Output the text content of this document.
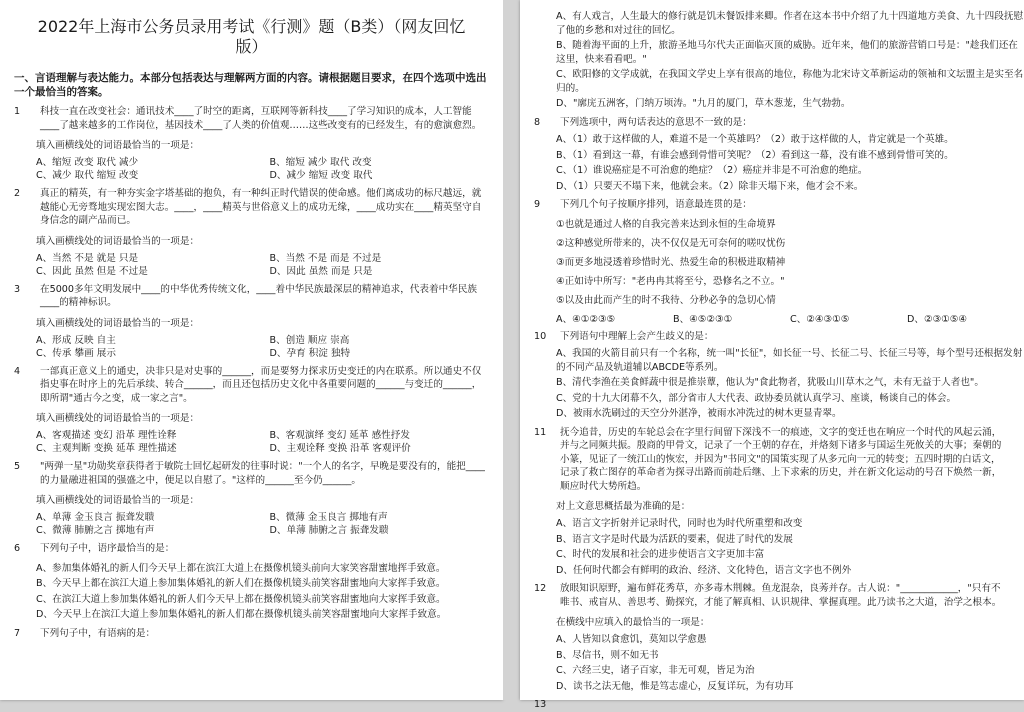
2022年上海市公务员录用考试《行测》题（B类）（网友回忆版）
一、言语理解与表达能力。本部分包括表达与理解两方面的内容。请根据题目要求，在四个选项中选出一个最恰当的答案。
1	科技一直在改变社会：通讯技术____了时空的距离，互联网等新科技____了学习知识的成本，人工智能____了越来越多的工作岗位，基因技术____了人类的价值观……这些改变有的已经发生，有的愈演愈烈。
填入画横线处的词语最恰当的一项是：
A、缩短 改变 取代 减少	B、缩短 减少 取代 改变
C、减少 取代 缩短 改变	D、减少 缩短 改变 取代
2	真正的精英，有一种夯实金字塔基础的抱负，有一种纠正时代错误的使命感。他们离成功的标尺越远，就越能心无旁骛地实现宏图大志。____，____精英与世俗意义上的成功无缘，____成功实在____精英坚守自身信念的副产品而已。
填入画横线处的词语最恰当的一项是：
A、当然 不是 就是 只是	B、当然 不是 而是 不过是
C、因此 虽然 但是 不过是	D、因此 虽然 而是 只是
3	在5000多年文明发展中____的中华优秀传统文化，____着中华民族最深层的精神追求，代表着中华民族____的精神标识。
填入画横线处的词语最恰当的一项是：
A、形成 反映 自主	B、创造 顺应 崇高
C、传承 攀画 展示	D、孕育 积淀 独特
4	一部真正意义上的通史，决非只是对史事的______，而是要努力探求历史变迁的内在联系。所以通史不仅指史事在时序上的先后承续、转合______，而且还包括历史文化中各重要问题的______与变迁的______，即所谓"通古今之变，成一家之言"。
填入画横线处的词语最恰当的一项是：
A、客观描述 变幻 沿革 理性诠释	B、客观演绎 变幻 延革 感性抒发
C、主观判断 变换 延革 理性描述	D、主观诠释 变换 沿革 客观评价
5	"两弹一星"功勋奖章获得者于敏院士回忆起研发的往事时说："一个人的名字，早晚是要没有的，能把____的力量融进祖国的强盛之中，便足以自慰了。"这样的______至今仍______。
填入画横线处的词语最恰当的一项是：
A、单薄 金玉良言 振聋发聩	B、微薄 金玉良言 掷地有声
C、微薄 肺腑之言 掷地有声	D、单薄 肺腑之言 振聋发聩
6	下列句子中，语序最恰当的是：
A、参加集体婚礼的新人们今天早上都在滨江大道上在摄像机镜头前向大家笑容甜蜜地挥手致意。
B、今天早上都在滨江大道上参加集体婚礼的新人们在摄像机镜头前笑容甜蜜地向大家挥手致意。
C、在滨江大道上参加集体婚礼的新人们今天早上都在摄像机镜头前笑容甜蜜地向大家挥手致意。
D、今天早上在滨江大道上参加集体婚礼的新人们都在摄像机镜头前笑容甜蜜地向大家挥手致意。
7	下列句子中，有语病的是：
A、有人戏言，人生最大的修行就是饥未餐饭排来卿。作者在这本书中介绍了九十四道地方美食、九十四段抚慰了他的乡愁和对过往的回忆。
B、随着海平面的上升，旅游圣地马尔代夫正面临灭顶的威胁。近年来，他们的旅游营销口号是："趁我们还在这里，快来看看吧。"
C、欧阳修的文学成就，在我国文学史上享有很高的地位，称他为北宋诗文革新运动的领袖和文坛盟主是实至名归的。
D、"廓庑五洲客，门纳万顷涛。"九月的厦门，草木葱茏，生气勃勃。
8	下列选项中，两句话表达的意思不一致的是：
A、（1）敢于这样做的人，难道不是一个英雄吗？（2）敢于这样做的人，肯定就是一个英雄。
B、（1）看到这一幕，有谁会感到骨惜可笑呢？（2）看到这一幕，没有谁不感到骨惜可笑的。
C、（1）谁说癌症是不可治愈的绝症？（2）癌症并非是不可治愈的绝症。
D、（1）只要天不塌下来，他就会来。（2）除非天塌下来，他才会不来。
9	下列几个句子按顺序排列，语意最连贯的是：
①也就是通过人格的自我完善来达到永恒的生命境界
②这种感觉所带来的，决不仅仅是无可奈何的嗟叹忧伤
③而更多地浸透着珍惜时光、热爱生命的积极进取精神
④正如诗中所写："老冉冉其将至兮，恐修名之不立。"
⑤以及由此而产生的时不我待、分秒必争的急切心情
A、④①②③⑤	B、④⑤②③①	C、②④③①⑤	D、②③①⑤④
10	下列语句中理解上会产生歧义的是：
A、我国的火箭目前只有一个名称，统一叫"长征"，如长征一号、长征二号、长征三号等，每个型号还根据发射的不同产品及轨道辅以ABCDE等系列。
B、清代李渔在美食鲜蔬中很是推崇蕈，他认为"食此物者，犹吸山川草木之气，未有无益于人者也"。
C、党的十九大闭幕不久，部分省市人大代表、政协委员就认真学习、座谈，畅谈自己的体会。
D、被雨水洗刷过的天空分外湛净，被雨水冲洗过的树木更显青翠。
11	抚今追昔，历史的车轮总会在字里行间留下深浅不一的痕迹，文字的变迁也在响应一个时代的风起云涌，并与之同频共振。殷商的甲骨文，记录了一个王朝的存在，并烙刻下诸多与国运生死攸关的大事；秦朝的小篆，见证了一统江山的恢宏，并因为"书同文"的国策实现了从多元向一元的转变；五四时期的白话文，记录了救亡图存的革命者为探寻出路而前赴后继、上下求索的历史，并在新文化运动的号召下焕然一新，顺应时代大势所趋。
对上文意思概括最为准确的是：
A、语言文字折射并记录时代，同时也为时代所重塑和改变
B、语言文字是时代最为活跃的要素，促进了时代的发展
C、时代的发展和社会的进步使语言文字更加丰富
D、任何时代都会有鲜明的政治、经济、文化特色，语言文字也不例外
12	放眼知识原野，遍布鲜花秀草，亦多毒木荆棘。鱼龙混杂，良莠并存。古人说："____________，"只有不唯书、戒盲从、善思考、勤探究，才能了解真相、认识规律、掌握真理。此乃读书之大道，治学之根本。
在横线中应填入的最恰当的一项是：
A、人皆知以食愈饥，莫知以学愈愚
B、尽信书，则不如无书
C、六经三史，诸子百家，非无可观，皆足为治
D、读书之法无他，惟是笃志虚心，反复详玩，为有功耳
13
